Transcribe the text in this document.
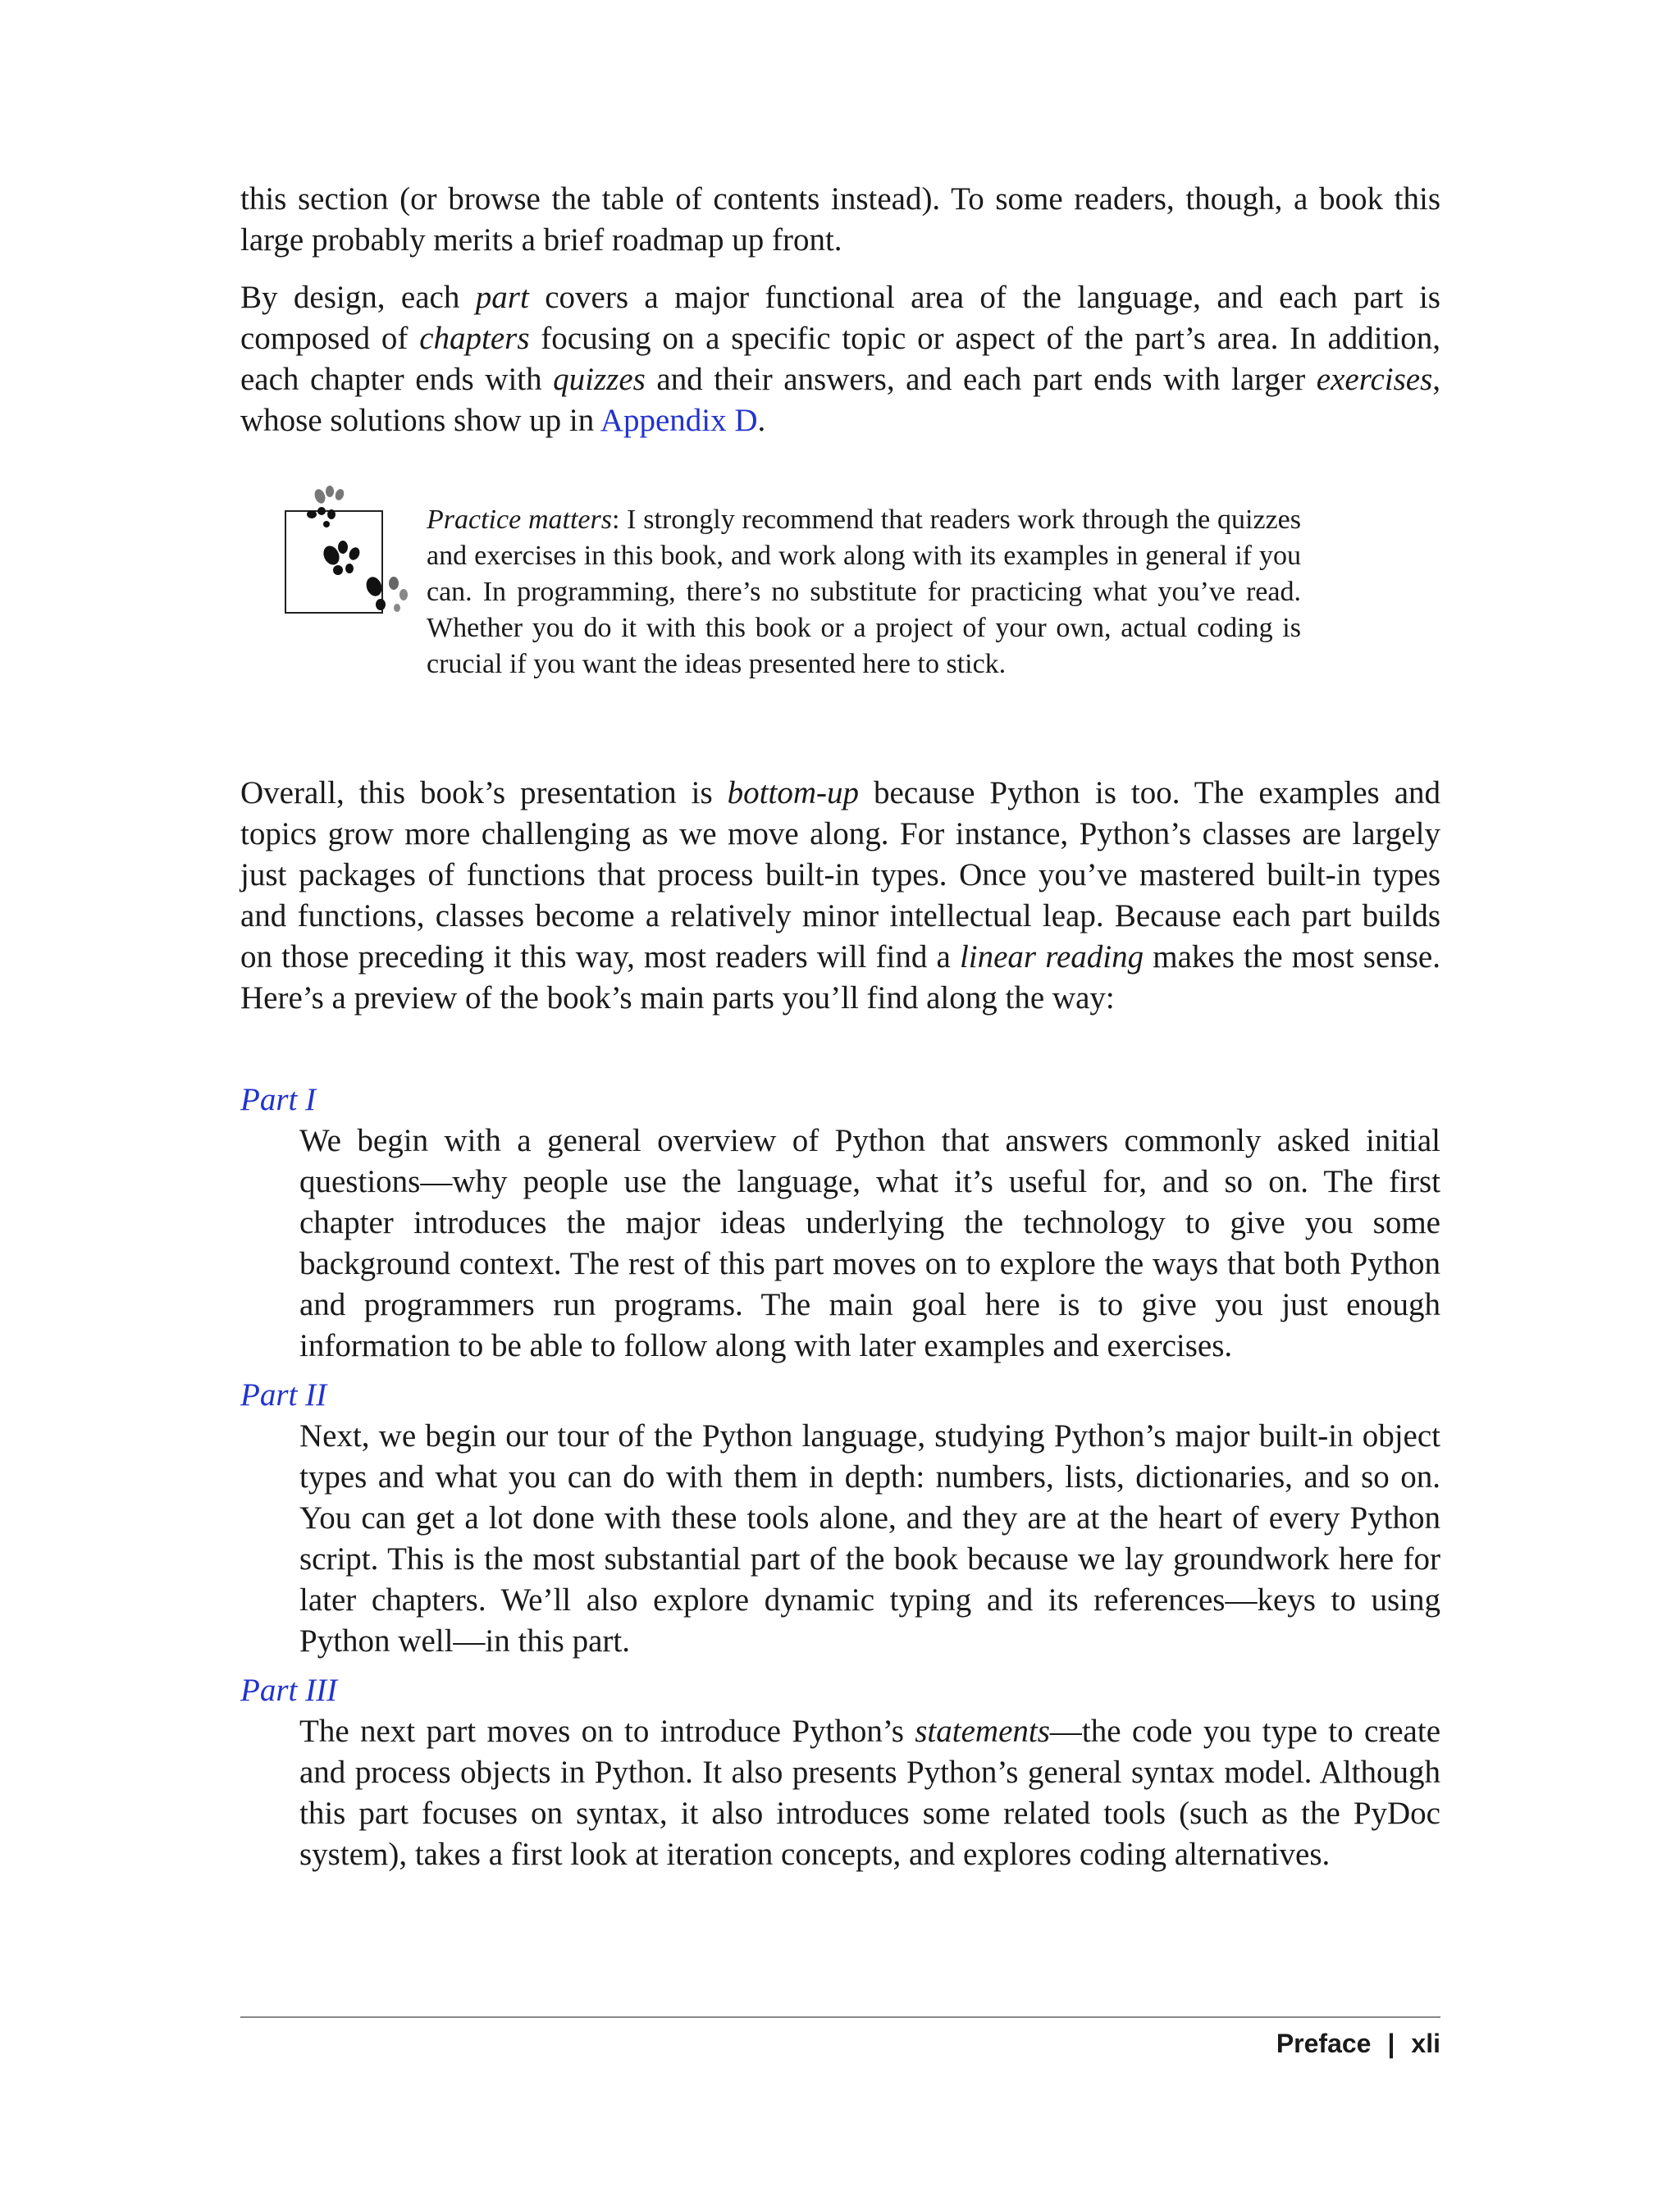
this section (or browse the table of contents instead). To some readers, though, a book this large probably merits a brief roadmap up front.

By design, each part covers a major functional area of the language, and each part is composed of chapters focusing on a specific topic or aspect of the part’s area. In addition, each chapter ends with quizzes and their answers, and each part ends with larger exercises, whose solutions show up in Appendix D.

Practice matters: I strongly recommend that readers work through the quizzes and exercises in this book, and work along with its examples in general if you can. In programming, there’s no substitute for practicing what you’ve read. Whether you do it with this book or a project of your own, actual coding is crucial if you want the ideas presented here to stick.

Overall, this book’s presentation is bottom-up because Python is too. The examples and topics grow more challenging as we move along. For instance, Python’s classes are largely just packages of functions that process built-in types. Once you’ve mastered built-in types and functions, classes become a relatively minor intellectual leap. Because each part builds on those preceding it this way, most readers will find a linear reading makes the most sense. Here’s a preview of the book’s main parts you’ll find along the way:

Part I

We begin with a general overview of Python that answers commonly asked initial questions—why people use the language, what it’s useful for, and so on. The first chapter introduces the major ideas underlying the technology to give you some background context. The rest of this part moves on to explore the ways that both Python and programmers run programs. The main goal here is to give you just enough information to be able to follow along with later examples and exercises.

Part II

Next, we begin our tour of the Python language, studying Python’s major built-in object types and what you can do with them in depth: numbers, lists, dictionaries, and so on. You can get a lot done with these tools alone, and they are at the heart of every Python script. This is the most substantial part of the book because we lay groundwork here for later chapters. We’ll also explore dynamic typing and its references—keys to using Python well—in this part.

Part III

The next part moves on to introduce Python’s statements—the code you type to create and process objects in Python. It also presents Python’s general syntax model. Although this part focuses on syntax, it also introduces some related tools (such as the PyDoc system), takes a first look at iteration concepts, and explores coding alternatives.

Preface | xli
